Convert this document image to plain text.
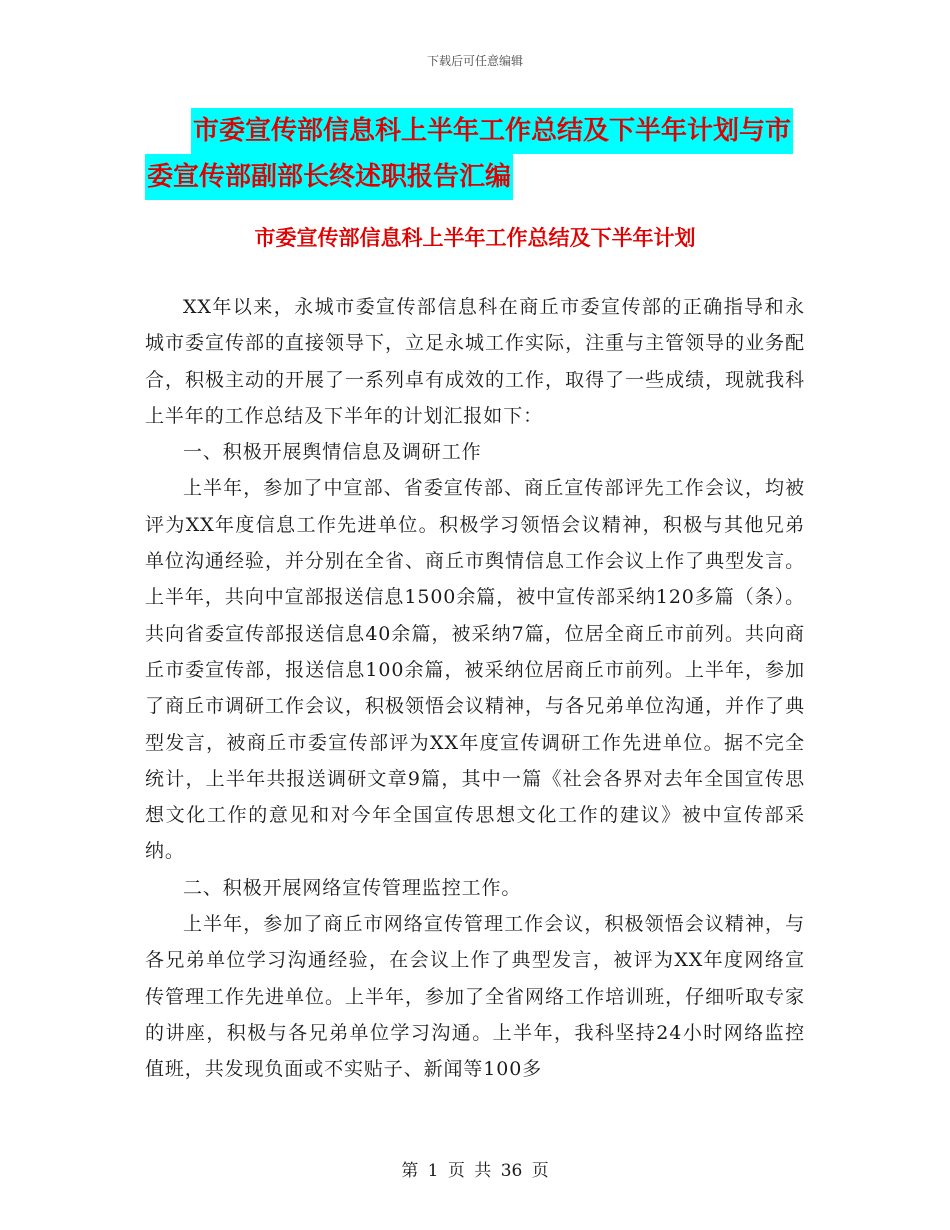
下载后可任意编辑
市委宣传部信息科上半年工作总结及下半年计划与市
委宣传部副部长终述职报告汇编
市委宣传部信息科上半年工作总结及下半年计划

XX年以来，永城市委宣传部信息科在商丘市委宣传部的正确指导和永城市委宣传部的直接领导下，立足永城工作实际，注重与主管领导的业务配合，积极主动的开展了一系列卓有成效的工作，取得了一些成绩，现就我科上半年的工作总结及下半年的计划汇报如下：

一、积极开展舆情信息及调研工作

上半年，参加了中宣部、省委宣传部、商丘宣传部评先工作会议，均被评为XX年度信息工作先进单位。积极学习领悟会议精神，积极与其他兄弟单位沟通经验，并分别在全省、商丘市舆情信息工作会议上作了典型发言。上半年，共向中宣部报送信息1500余篇，被中宣传部采纳120多篇（条）。共向省委宣传部报送信息40余篇，被采纳7篇，位居全商丘市前列。共向商丘市委宣传部，报送信息100余篇，被采纳位居商丘市前列。上半年，参加了商丘市调研工作会议，积极领悟会议精神，与各兄弟单位沟通，并作了典型发言，被商丘市委宣传部评为XX年度宣传调研工作先进单位。据不完全统计，上半年共报送调研文章9篇，其中一篇《社会各界对去年全国宣传思想文化工作的意见和对今年全国宣传思想文化工作的建议》被中宣传部采纳。

二、积极开展网络宣传管理监控工作。

上半年，参加了商丘市网络宣传管理工作会议，积极领悟会议精神，与各兄弟单位学习沟通经验，在会议上作了典型发言，被评为XX年度网络宣传管理工作先进单位。上半年，参加了全省网络工作培训班，仔细听取专家的讲座，积极与各兄弟单位学习沟通。上半年，我科坚持24小时网络监控值班，共发现负面或不实贴子、新闻等100多

第 1 页 共 36 页
